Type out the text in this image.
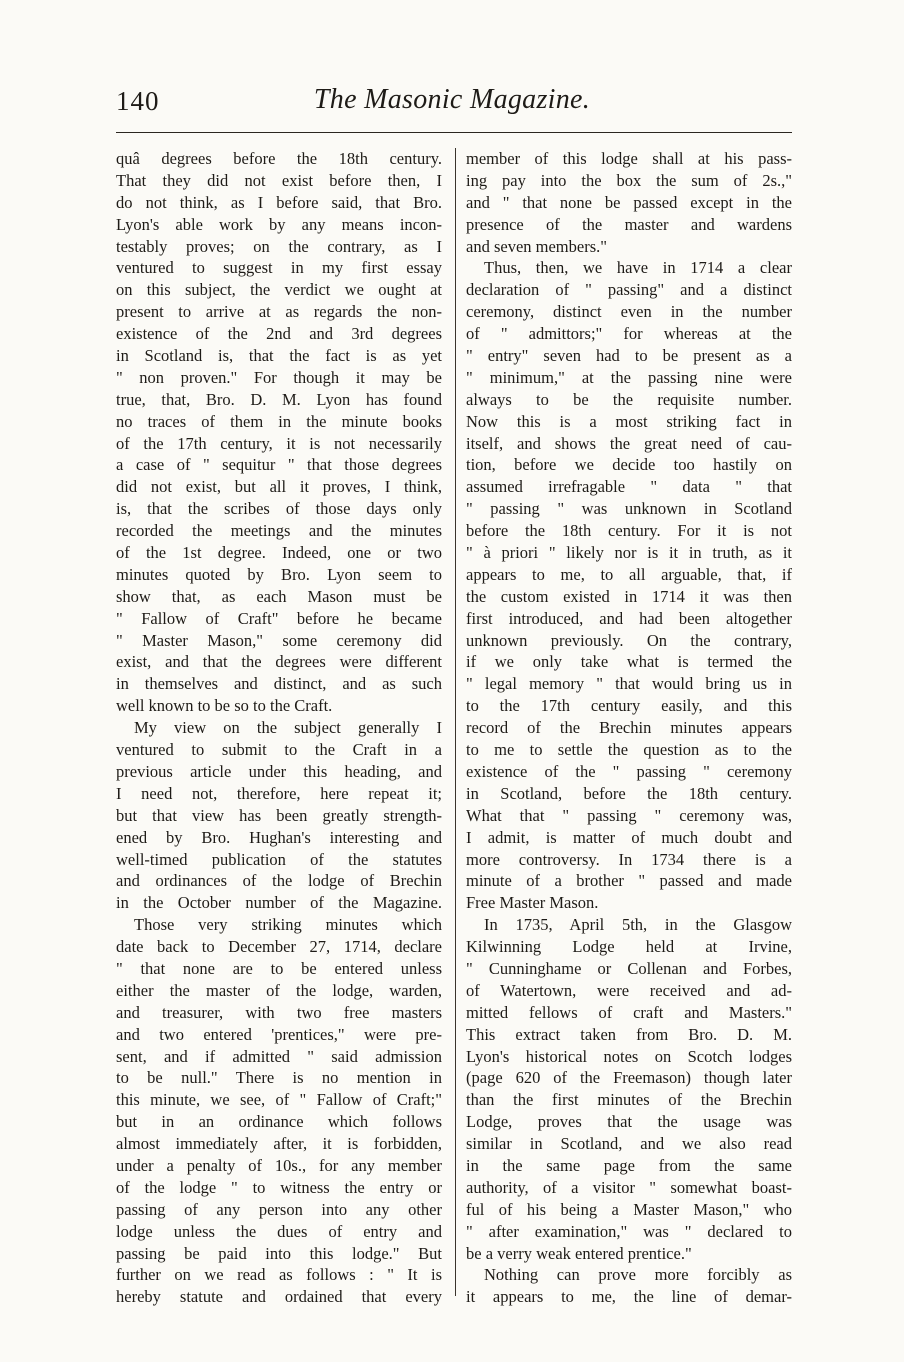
140	The Masonic Magazine.
quâ degrees before the 18th century.
That they did not exist before then, I
do not think, as I before said, that Bro.
Lyon's able work by any means incon-
testably proves; on the contrary, as I
ventured to suggest in my first essay
on this subject, the verdict we ought at
present to arrive at as regards the non-
existence of the 2nd and 3rd degrees
in Scotland is, that the fact is as yet
" non proven." For though it may be
true, that, Bro. D. M. Lyon has found
no traces of them in the minute books
of the 17th century, it is not necessarily
a case of " sequitur " that those degrees
did not exist, but all it proves, I think,
is, that the scribes of those days only
recorded the meetings and the minutes
of the 1st degree. Indeed, one or two
minutes quoted by Bro. Lyon seem to
show that, as each Mason must be
" Fallow of Craft" before he became
" Master Mason," some ceremony did
exist, and that the degrees were different
in themselves and distinct, and as such
well known to be so to the Craft.
My view on the subject generally I
ventured to submit to the Craft in a
previous article under this heading, and
I need not, therefore, here repeat it;
but that view has been greatly strength-
ened by Bro. Hughan's interesting and
well-timed publication of the statutes
and ordinances of the lodge of Brechin
in the October number of the Magazine.
Those very striking minutes which
date back to December 27, 1714, declare
" that none are to be entered unless
either the master of the lodge, warden,
and treasurer, with two free masters
and two entered 'prentices," were pre-
sent, and if admitted " said admission
to be null." There is no mention in
this minute, we see, of " Fallow of Craft;"
but in an ordinance which follows
almost immediately after, it is forbidden,
under a penalty of 10s., for any member
of the lodge " to witness the entry or
passing of any person into any other
lodge unless the dues of entry and
passing be paid into this lodge." But
further on we read as follows : " It is
hereby statute and ordained that every
member of this lodge shall at his pass-
ing pay into the box the sum of 2s.,"
and " that none be passed except in the
presence of the master and wardens
and seven members."
Thus, then, we have in 1714 a clear
declaration of " passing" and a distinct
ceremony, distinct even in the number
of " admittors;" for whereas at the
" entry" seven had to be present as a
" minimum," at the passing nine were
always to be the requisite number.
Now this is a most striking fact in
itself, and shows the great need of cau-
tion, before we decide too hastily on
assumed irrefragable " data " that
" passing " was unknown in Scotland
before the 18th century. For it is not
" à priori " likely nor is it in truth, as it
appears to me, to all arguable, that, if
the custom existed in 1714 it was then
first introduced, and had been altogether
unknown previously. On the contrary,
if we only take what is termed the
" legal memory " that would bring us in
to the 17th century easily, and this
record of the Brechin minutes appears
to me to settle the question as to the
existence of the " passing " ceremony
in Scotland, before the 18th century.
What that " passing " ceremony was,
I admit, is matter of much doubt and
more controversy. In 1734 there is a
minute of a brother " passed and made
Free Master Mason.
In 1735, April 5th, in the Glasgow
Kilwinning Lodge held at Irvine,
" Cunninghame or Collenan and Forbes,
of Watertown, were received and ad-
mitted fellows of craft and Masters."
This extract taken from Bro. D. M.
Lyon's historical notes on Scotch lodges
(page 620 of the Freemason) though later
than the first minutes of the Brechin
Lodge, proves that the usage was
similar in Scotland, and we also read
in the same page from the same
authority, of a visitor " somewhat boast-
ful of his being a Master Mason," who
" after examination," was " declared to
be a verry weak entered prentice."
Nothing can prove more forcibly as
it appears to me, the line of demar-
